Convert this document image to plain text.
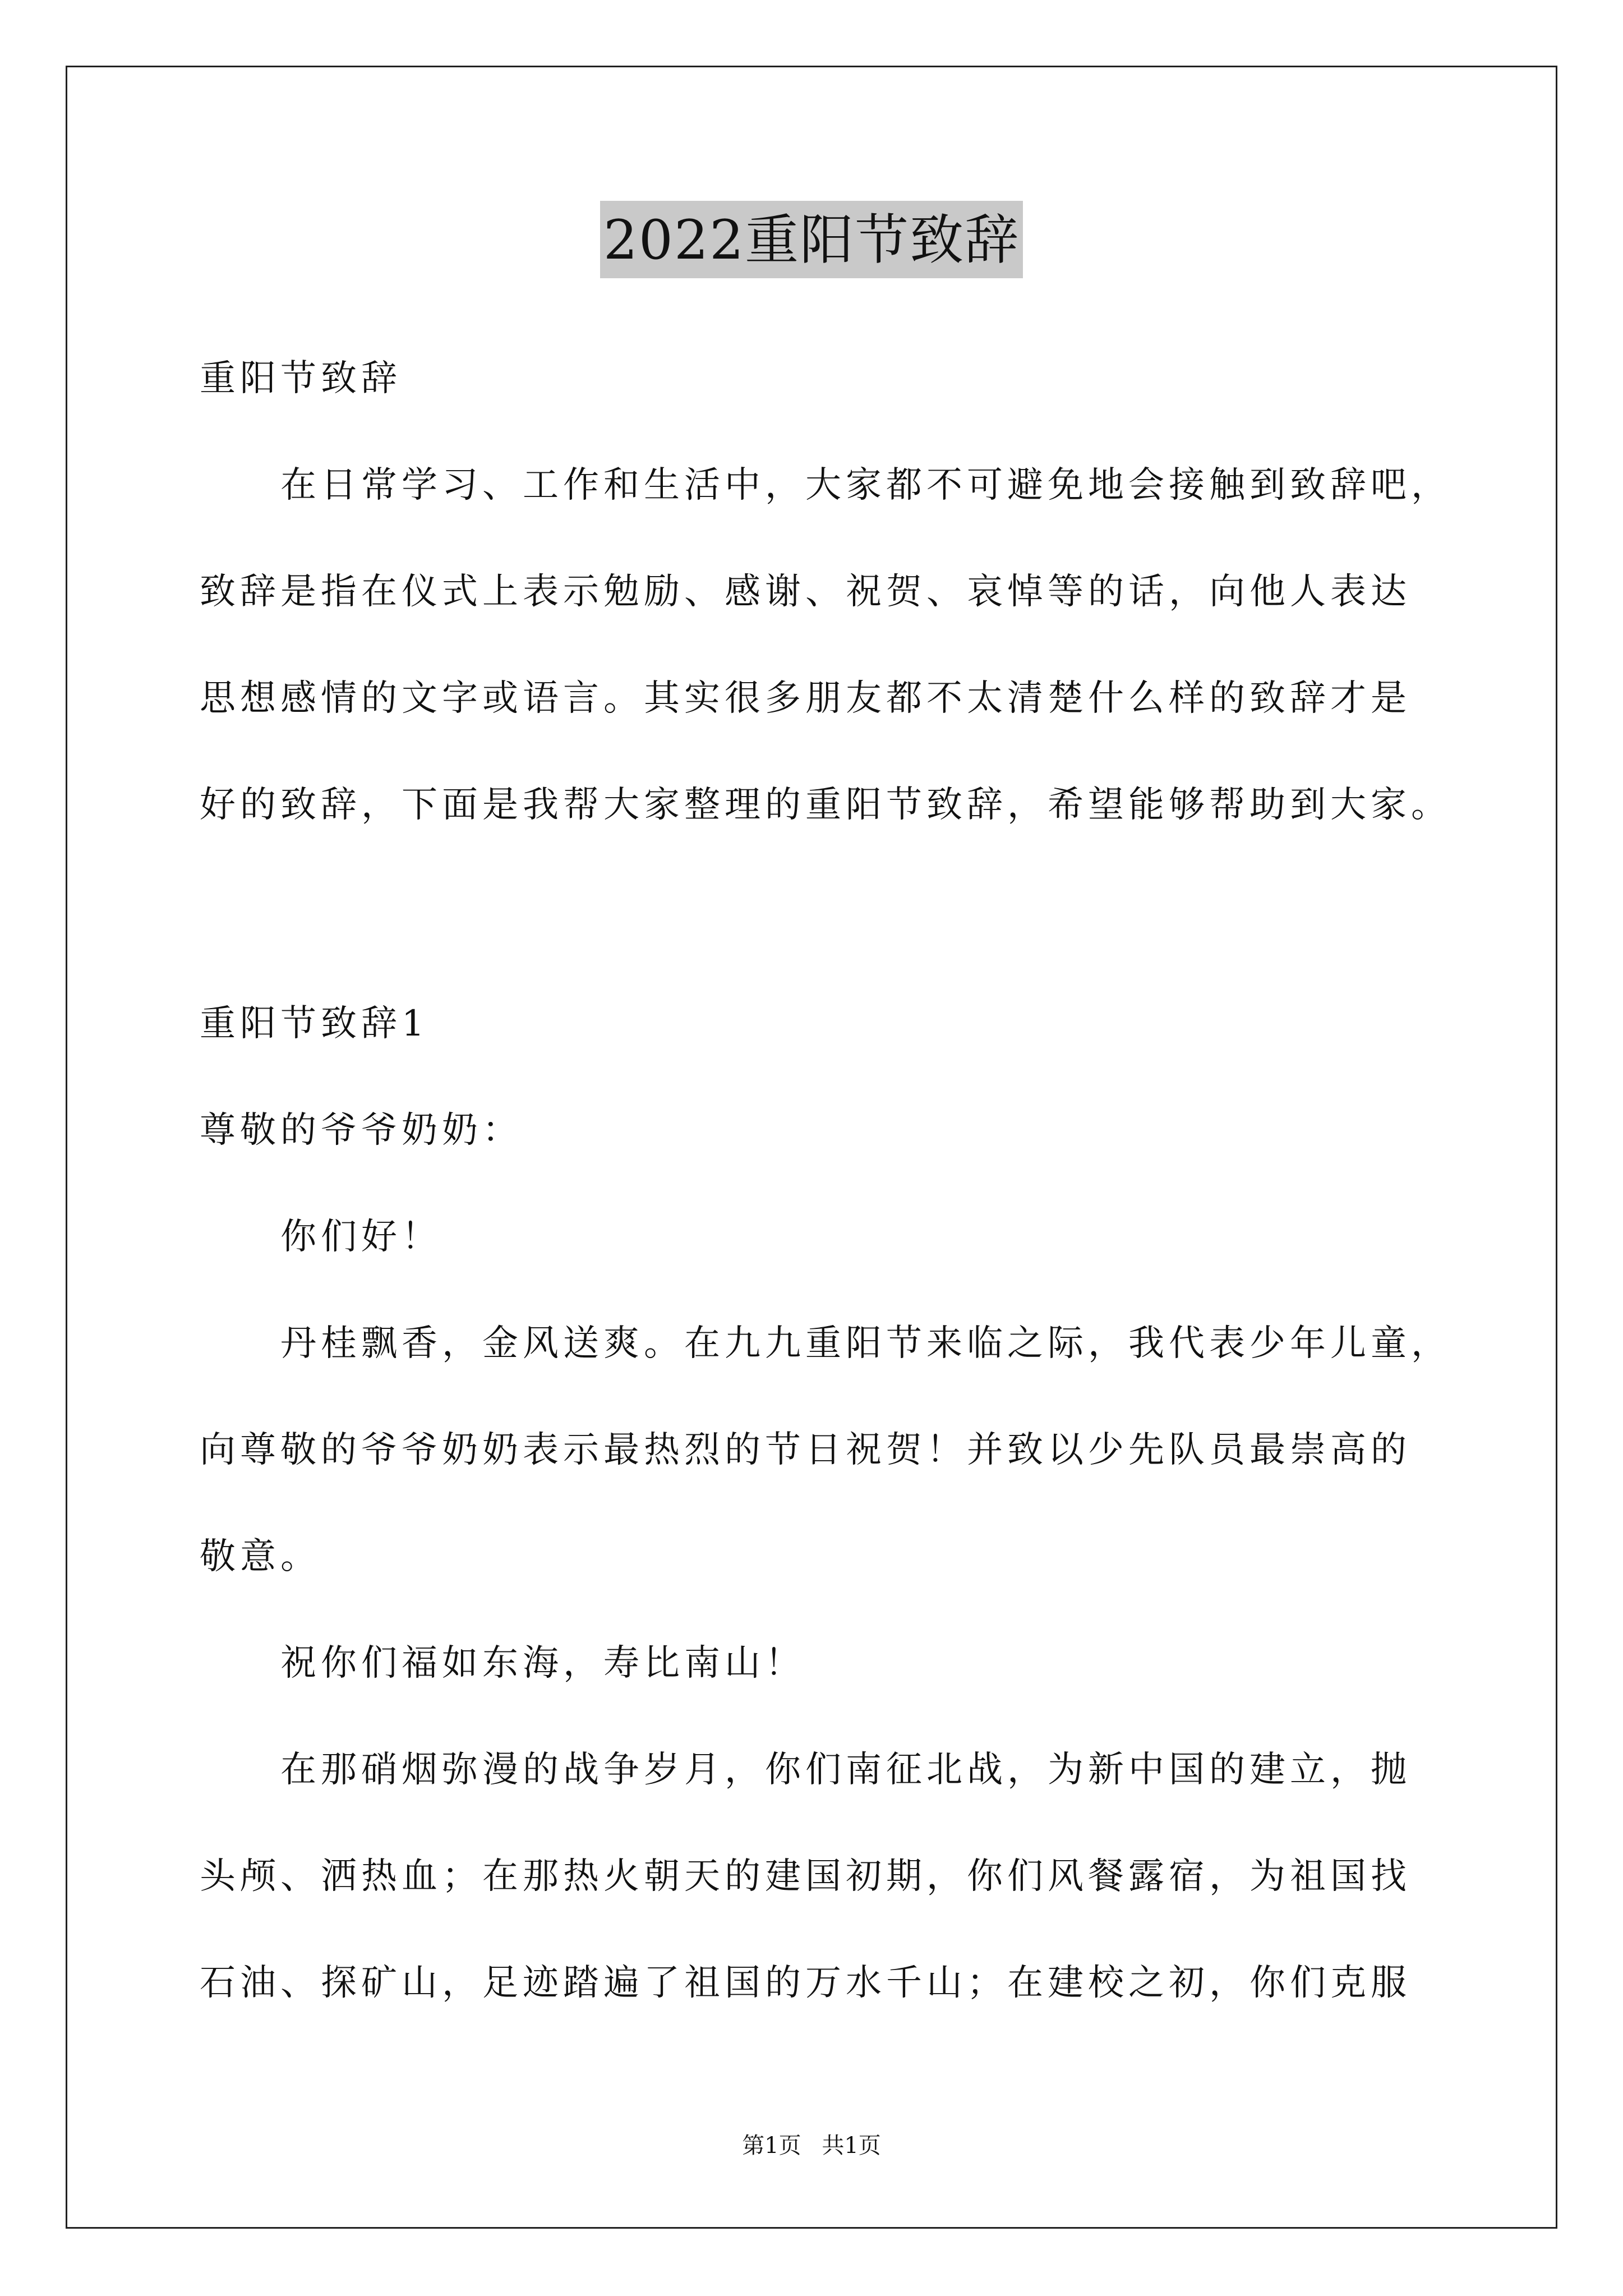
2022重阳节致辞
重阳节致辞
在日常学习、工作和生活中，大家都不可避免地会接触到致辞吧，
致辞是指在仪式上表示勉励、感谢、祝贺、哀悼等的话，向他人表达
思想感情的文字或语言。其实很多朋友都不太清楚什么样的致辞才是
好的致辞，下面是我帮大家整理的重阳节致辞，希望能够帮助到大家。
重阳节致辞1
尊敬的爷爷奶奶：
你们好！
丹桂飘香，金风送爽。在九九重阳节来临之际，我代表少年儿童，
向尊敬的爷爷奶奶表示最热烈的节日祝贺！并致以少先队员最崇高的
敬意。
祝你们福如东海，寿比南山！
在那硝烟弥漫的战争岁月，你们南征北战，为新中国的建立，抛
头颅、洒热血；在那热火朝天的建国初期，你们风餐露宿，为祖国找
石油、探矿山，足迹踏遍了祖国的万水千山；在建校之初，你们克服
第1页 共1页
